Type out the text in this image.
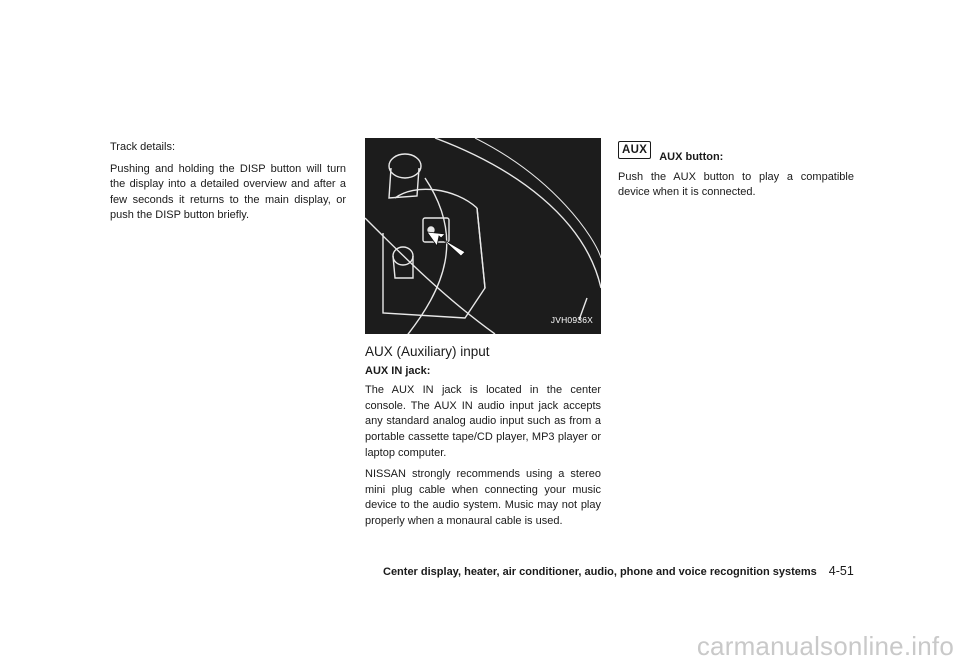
Track details:

Pushing and holding the DISP button will turn the display into a detailed overview and after a few seconds it returns to the main display, or push the DISP button briefly.

JVH0936X
AUX (Auxiliary) input
AUX IN jack:

The AUX IN jack is located in the center console. The AUX IN audio input jack accepts any standard analog audio input such as from a portable cassette tape/CD player, MP3 player or laptop computer.

NISSAN strongly recommends using a stereo mini plug cable when connecting your music device to the audio system. Music may not play properly when a monaural cable is used.

AUX
AUX button:

Push the AUX button to play a compatible device when it is connected.

Center display, heater, air conditioner, audio, phone and voice recognition systems 4-51
carmanualsonline.info
